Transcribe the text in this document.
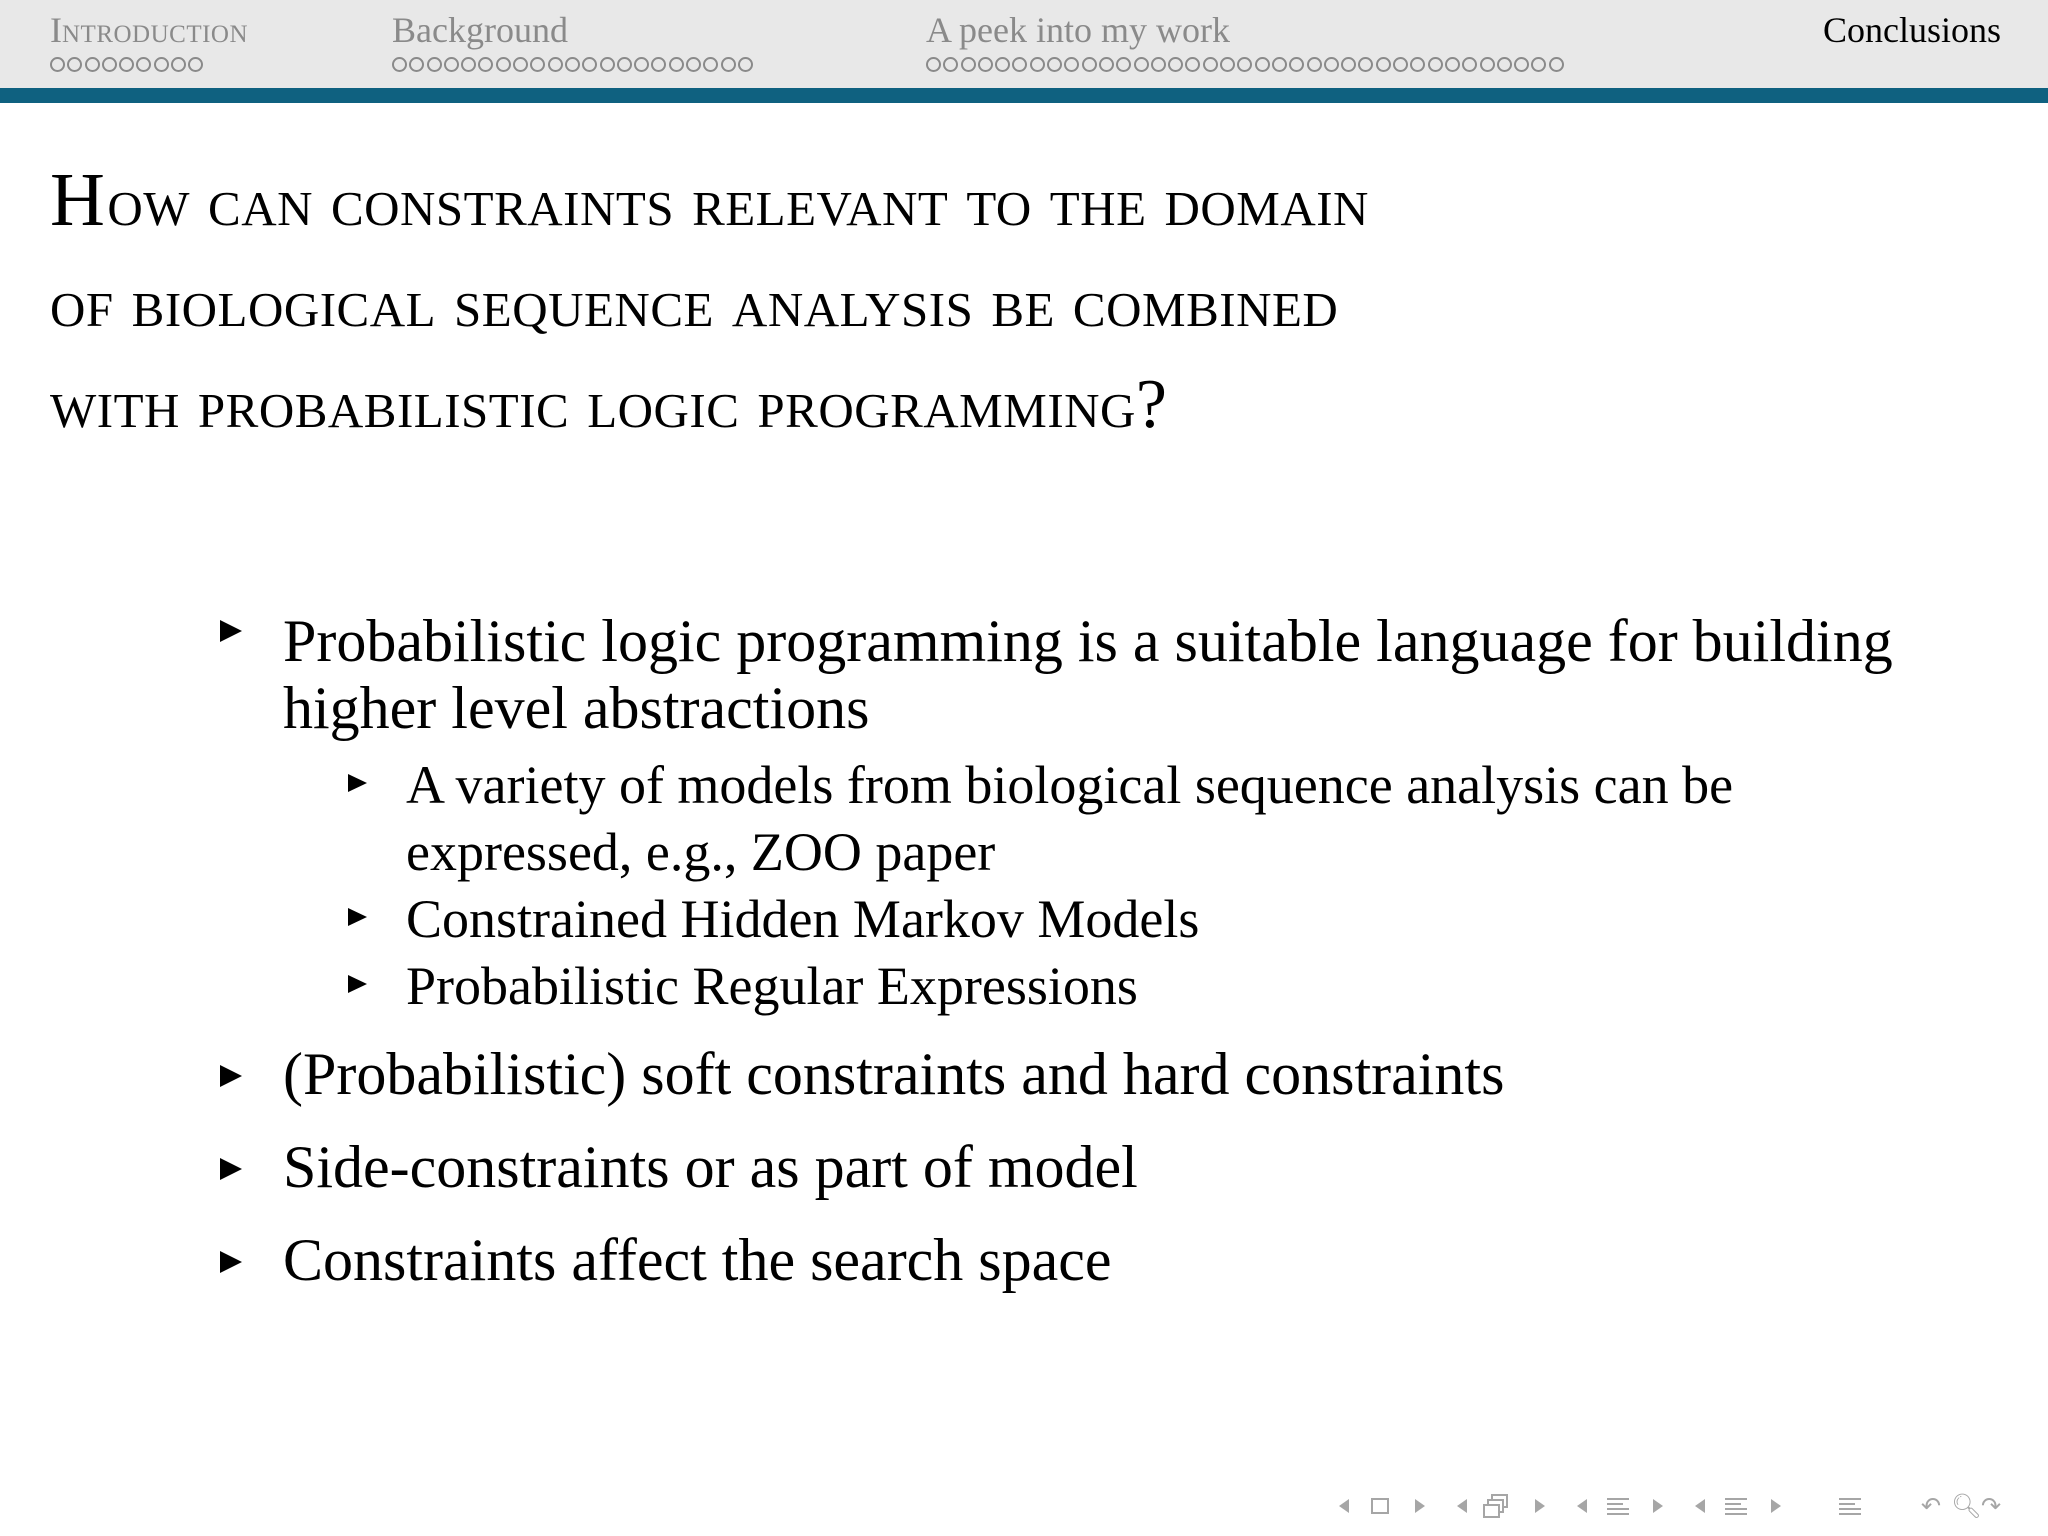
Introduction	Background	A peek into my work	Conclusions
How can constraints relevant to the domain
of biological sequence analysis be combined
with probabilistic logic programming?
Probabilistic logic programming is a suitable language for building higher level abstractions
A variety of models from biological sequence analysis can be expressed, e.g., ZOO paper
Constrained Hidden Markov Models
Probabilistic Regular Expressions
(Probabilistic) soft constraints and hard constraints
Side-constraints or as part of model
Constraints affect the search space
↶ 🔍︎ ↷
